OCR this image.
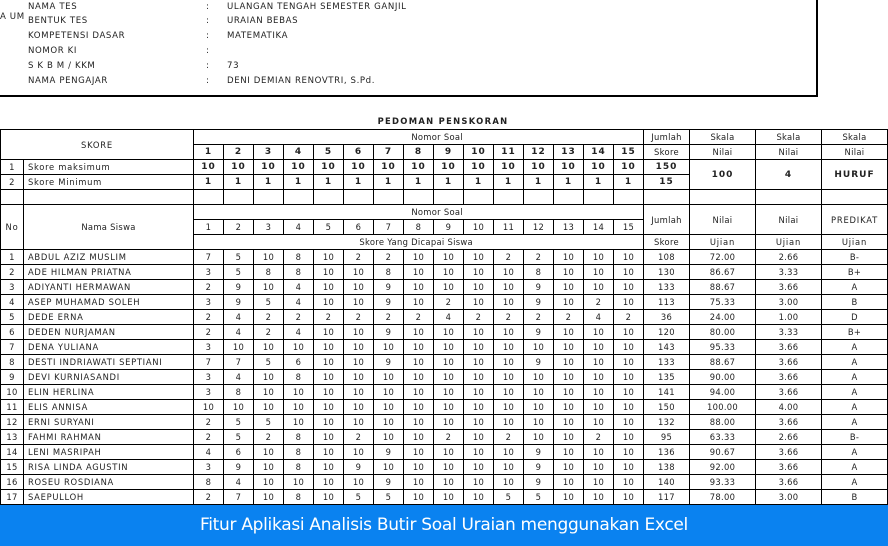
A UM
NAMA TES	: ULANGAN TENGAH SEMESTER GANJIL
BENTUK TES	: URAIAN BEBAS
KOMPETENSI DASAR	: MATEMATIKA
NOMOR KI	:
S K B M / KKM	: 73
NAMA PENGAJAR	: DENI DEMIAN RENOVTRI, S.Pd.
PEDOMAN PENSKORAN
SKORE		Nomor Soal															Jumlah	Skala	Skala	Skala
		1	2	3	4	5	6	7	8	9	10	11	12	13	14	15	Skore	Nilai	Nilai	Nilai
1	Skore maksimum	10	10	10	10	10	10	10	10	10	10	10	10	10	10	10	150	100	4	HURUF
2	Skore Minimum	1	1	1	1	1	1	1	1	1	1	1	1	1	1	1	15			

No	Nama Siswa	Nomor Soal															Jumlah	Nilai	Nilai	PREDIKAT
		1	2	3	4	5	6	7	8	9	10	11	12	13	14	15				
		Skore Yang Dicapai Siswa															Skore	Ujian	Ujian	Ujian
1	ABDUL AZIZ MUSLIM	7	5	10	8	10	2	2	10	10	10	2	2	10	10	10	108	72.00	2.66	B-
2	ADE HILMAN PRIATNA	3	5	8	8	10	10	8	10	10	10	10	8	10	10	10	130	86.67	3.33	B+
3	ADIYANTI HERMAWAN	2	9	10	4	10	10	9	10	10	10	10	9	10	10	10	133	88.67	3.66	A
4	ASEP MUHAMAD SOLEH	3	9	5	4	10	10	9	10	2	10	10	9	10	2	10	113	75.33	3.00	B
5	DEDE ERNA	2	4	2	2	2	2	2	2	4	2	2	2	2	4	2	36	24.00	1.00	D
6	DEDEN NURJAMAN	2	4	2	4	10	10	9	10	10	10	10	9	10	10	10	120	80.00	3.33	B+
7	DENA YULIANA	3	10	10	10	10	10	10	10	10	10	10	10	10	10	10	143	95.33	3.66	A
8	DESTI INDRIAWATI SEPTIANI	7	7	5	6	10	10	9	10	10	10	10	9	10	10	10	133	88.67	3.66	A
9	DEVI KURNIASANDI	3	4	10	8	10	10	10	10	10	10	10	10	10	10	10	135	90.00	3.66	A
10	ELIN HERLINA	3	8	10	10	10	10	10	10	10	10	10	10	10	10	10	141	94.00	3.66	A
11	ELIS ANNISA	10	10	10	10	10	10	10	10	10	10	10	10	10	10	10	150	100.00	4.00	A
12	ERNI SURYANI	2	5	5	10	10	10	10	10	10	10	10	10	10	10	10	132	88.00	3.66	A
13	FAHMI RAHMAN	2	5	2	8	10	2	10	10	2	10	2	10	10	2	10	95	63.33	2.66	B-
14	LENI MASRIPAH	4	6	10	8	10	10	9	10	10	10	10	9	10	10	10	136	90.67	3.66	A
15	RISA LINDA AGUSTIN	3	9	10	8	10	9	10	10	10	10	10	9	10	10	10	138	92.00	3.66	A
16	ROSEU ROSDIANA	8	4	10	10	10	10	9	10	10	10	10	9	10	10	10	140	93.33	3.66	A
17	SAEPULLOH	2	7	10	8	10	5	5	10	10	10	5	5	10	10	10	117	78.00	3.00	B
Fitur Aplikasi Analisis Butir Soal Uraian menggunakan Excel
